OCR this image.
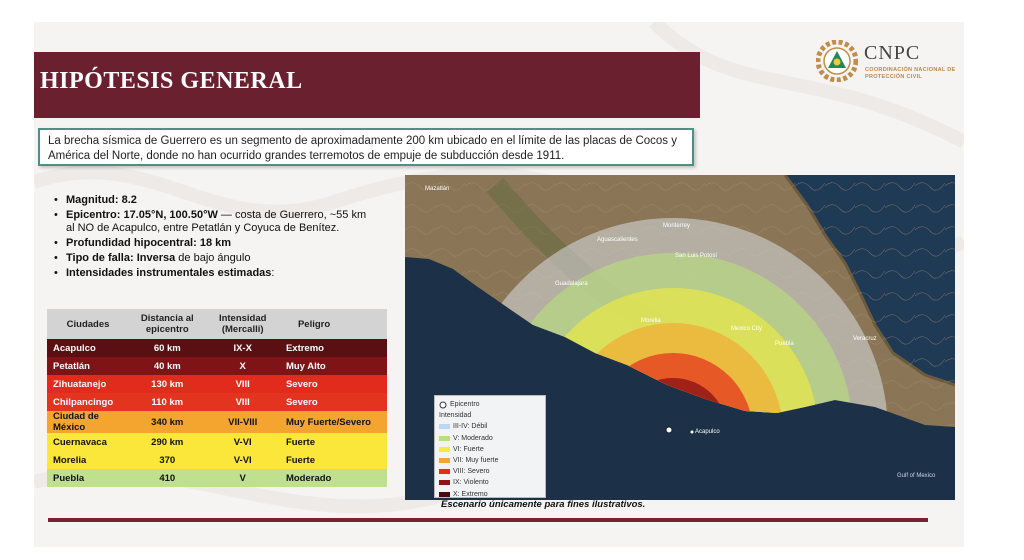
HIPÓTESIS GENERAL
CNPC
COORDINACIÓN NACIONAL DE PROTECCIÓN CIVIL
La brecha sísmica de Guerrero es un segmento de aproximadamente 200 km ubicado en el límite de las placas de Cocos y América del Norte, donde no han ocurrido grandes terremotos de empuje de subducción desde 1911.
• Magnitud: 8.2
• Epicentro: 17.05°N, 100.50°W — costa de Guerrero, ~55 km al NO de Acapulco, entre Petatlán y Coyuca de Benítez.
• Profundidad hipocentral: 18 km
• Tipo de falla: Inversa de bajo ángulo
• Intensidades instrumentales estimadas:
Ciudades	Distancia al epicentro	Intensidad (Mercalli)	Peligro
Acapulco	60 km	IX-X	Extremo
Petatlán	40 km	X	Muy Alto
Zihuatanejo	130 km	VIII	Severo
Chilpancingo	110 km	VIII	Severo
Ciudad de México	340 km	VII-VIII	Muy Fuerte/Severo
Cuernavaca	290 km	V-VI	Fuerte
Morelia	370	V-VI	Fuerte
Puebla	410	V	Moderado
Mazatlán
Monterrey
San Luis Potosí
Aguascalientes
Guadalajara
Morelia
Mexico City
Puebla
Veracruz
Acapulco
Gulf of Mexico
Epicentro
Intensidad
III-IV: Débil
V: Moderado
VI: Fuerte
VII: Muy fuerte
VIII: Severo
IX: Violento
X: Extremo
Escenario únicamente para fines ilustrativos.
